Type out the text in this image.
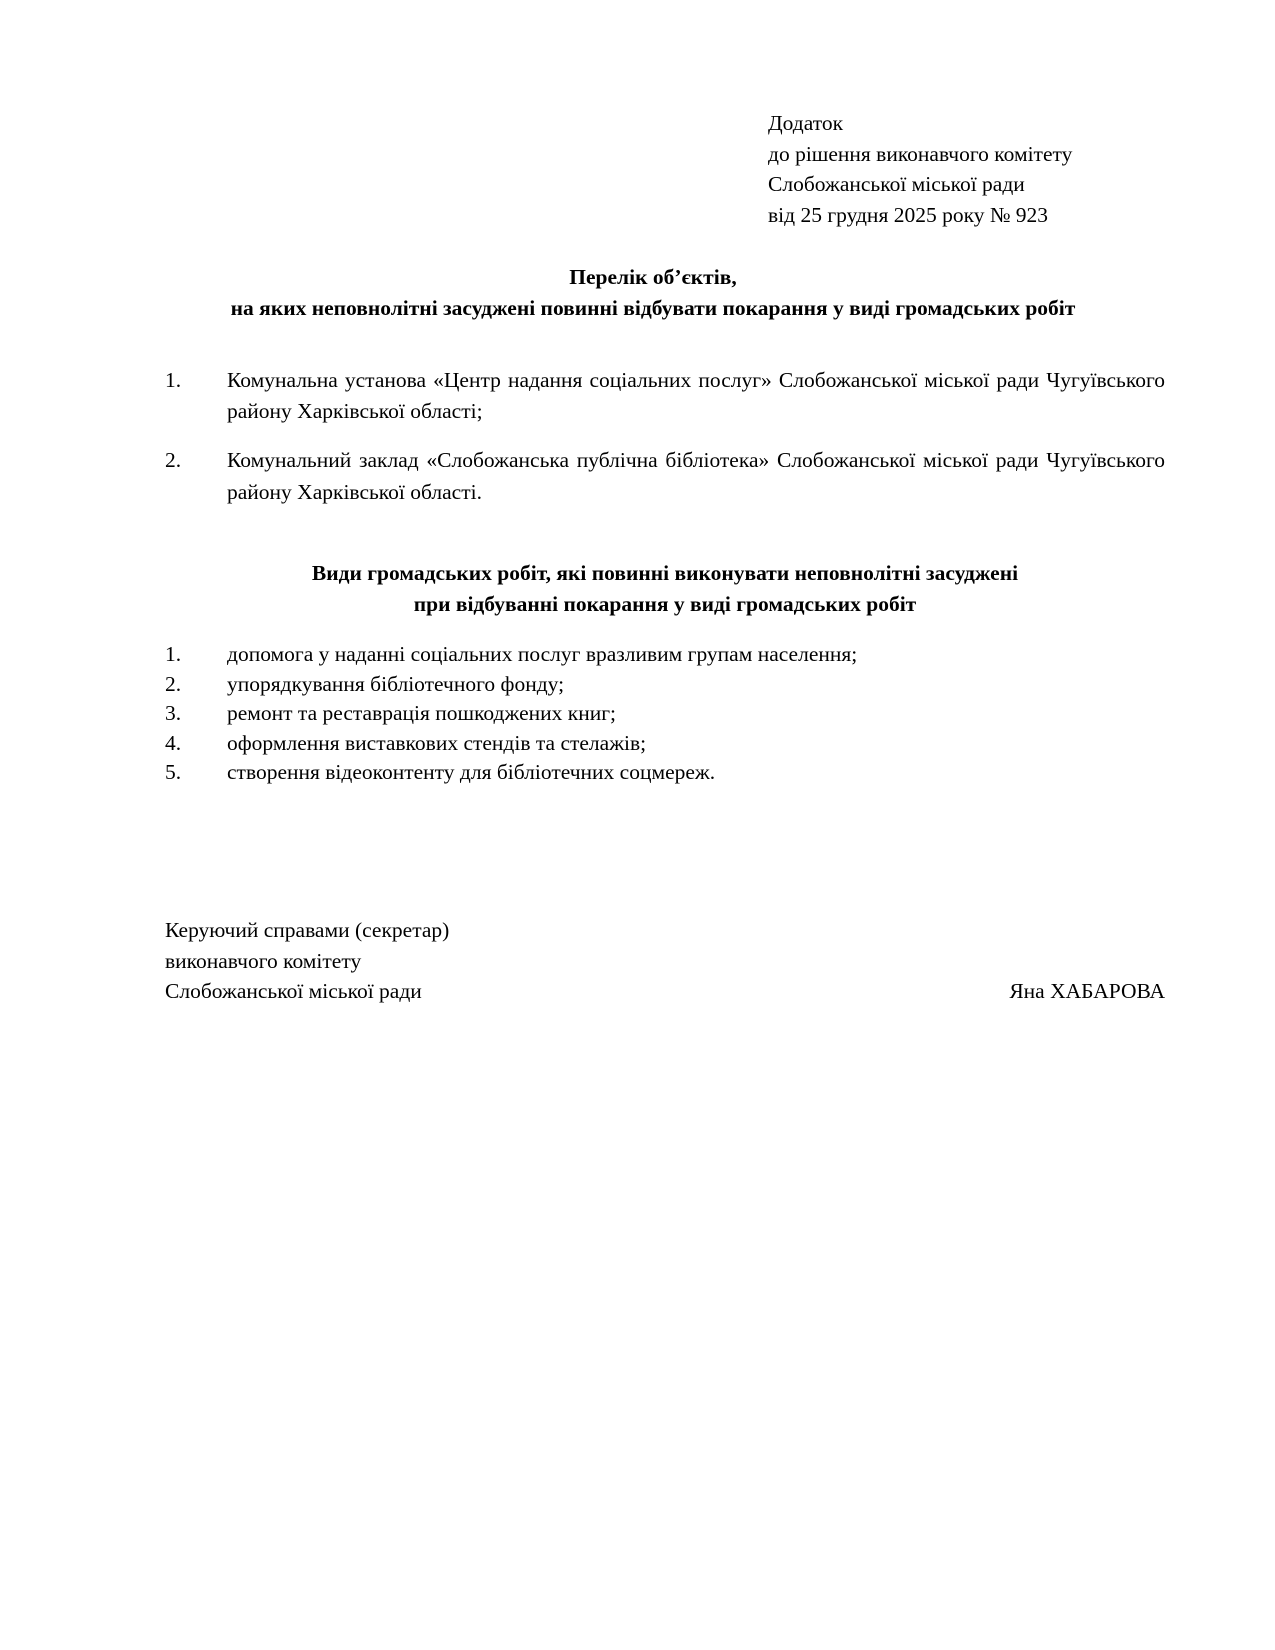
Додаток
до рішення виконавчого комітету
Слобожанської міської ради
від 25 грудня 2025 року № 923
Перелік об’єктів,
на яких неповнолітні засуджені повинні відбувати покарання у виді громадських робіт
1.	Комунальна установа «Центр надання соціальних послуг» Слобожанської міської ради Чугуївського району Харківської області;
2.	Комунальний заклад «Слобожанська публічна бібліотека» Слобожанської міської ради Чугуївського району Харківської області.
Види громадських робіт, які повинні виконувати неповнолітні засуджені
при відбуванні покарання у виді громадських робіт
1.	допомога у наданні соціальних послуг вразливим групам населення;
2.	упорядкування бібліотечного фонду;
3.	ремонт та реставрація пошкоджених книг;
4.	оформлення виставкових стендів та стелажів;
5.	створення відеоконтенту для бібліотечних соцмереж.
Керуючий справами (секретар)
виконавчого комітету
Слобожанської міської ради	Яна ХАБАРОВА
